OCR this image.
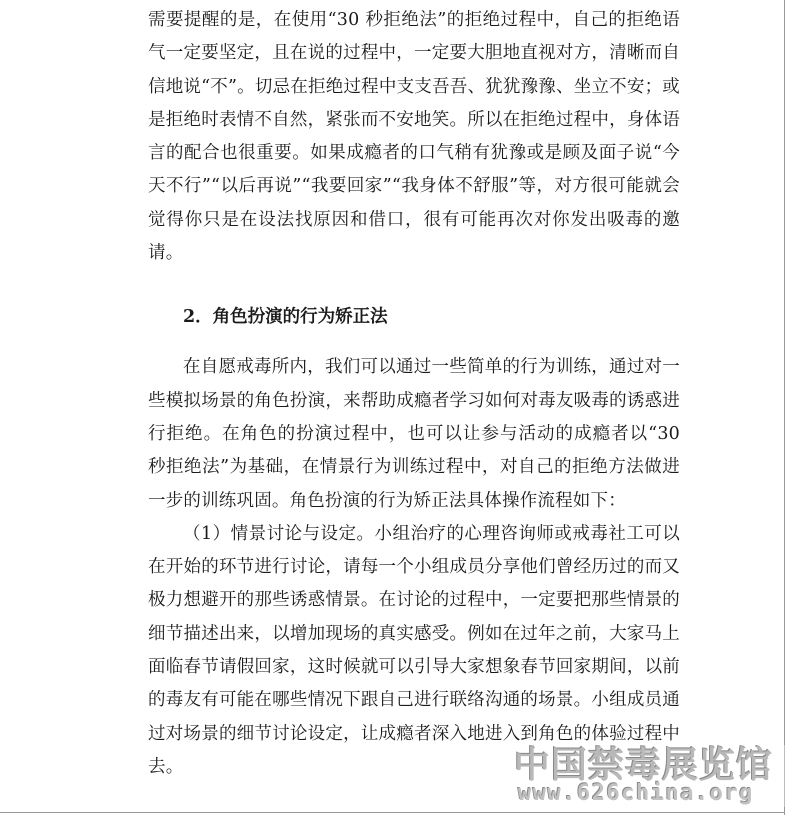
需要提醒的是，在使用“30 秒拒绝法”的拒绝过程中，自己的拒绝语气一定要坚定，且在说的过程中，一定要大胆地直视对方，清晰而自信地说“不”。切忌在拒绝过程中支支吾吾、犹犹豫豫、坐立不安；或是拒绝时表情不自然，紧张而不安地笑。所以在拒绝过程中，身体语言的配合也很重要。如果成瘾者的口气稍有犹豫或是顾及面子说“今天不行”“以后再说”“我要回家”“我身体不舒服”等，对方很可能就会觉得你只是在设法找原因和借口，很有可能再次对你发出吸毒的邀请。

2．角色扮演的行为矫正法

在自愿戒毒所内，我们可以通过一些简单的行为训练，通过对一些模拟场景的角色扮演，来帮助成瘾者学习如何对毒友吸毒的诱惑进行拒绝。在角色的扮演过程中，也可以让参与活动的成瘾者以“30 秒拒绝法”为基础，在情景行为训练过程中，对自己的拒绝方法做进一步的训练巩固。角色扮演的行为矫正法具体操作流程如下：

（1）情景讨论与设定。小组治疗的心理咨询师或戒毒社工可以在开始的环节进行讨论，请每一个小组成员分享他们曾经历过的而又极力想避开的那些诱惑情景。在讨论的过程中，一定要把那些情景的细节描述出来，以增加现场的真实感受。例如在过年之前，大家马上面临春节请假回家，这时候就可以引导大家想象春节回家期间，以前的毒友有可能在哪些情况下跟自己进行联络沟通的场景。小组成员通过对场景的细节讨论设定，让成瘾者深入地进入到角色的体验过程中去。	中国禁毒展览馆
www.626china.org
